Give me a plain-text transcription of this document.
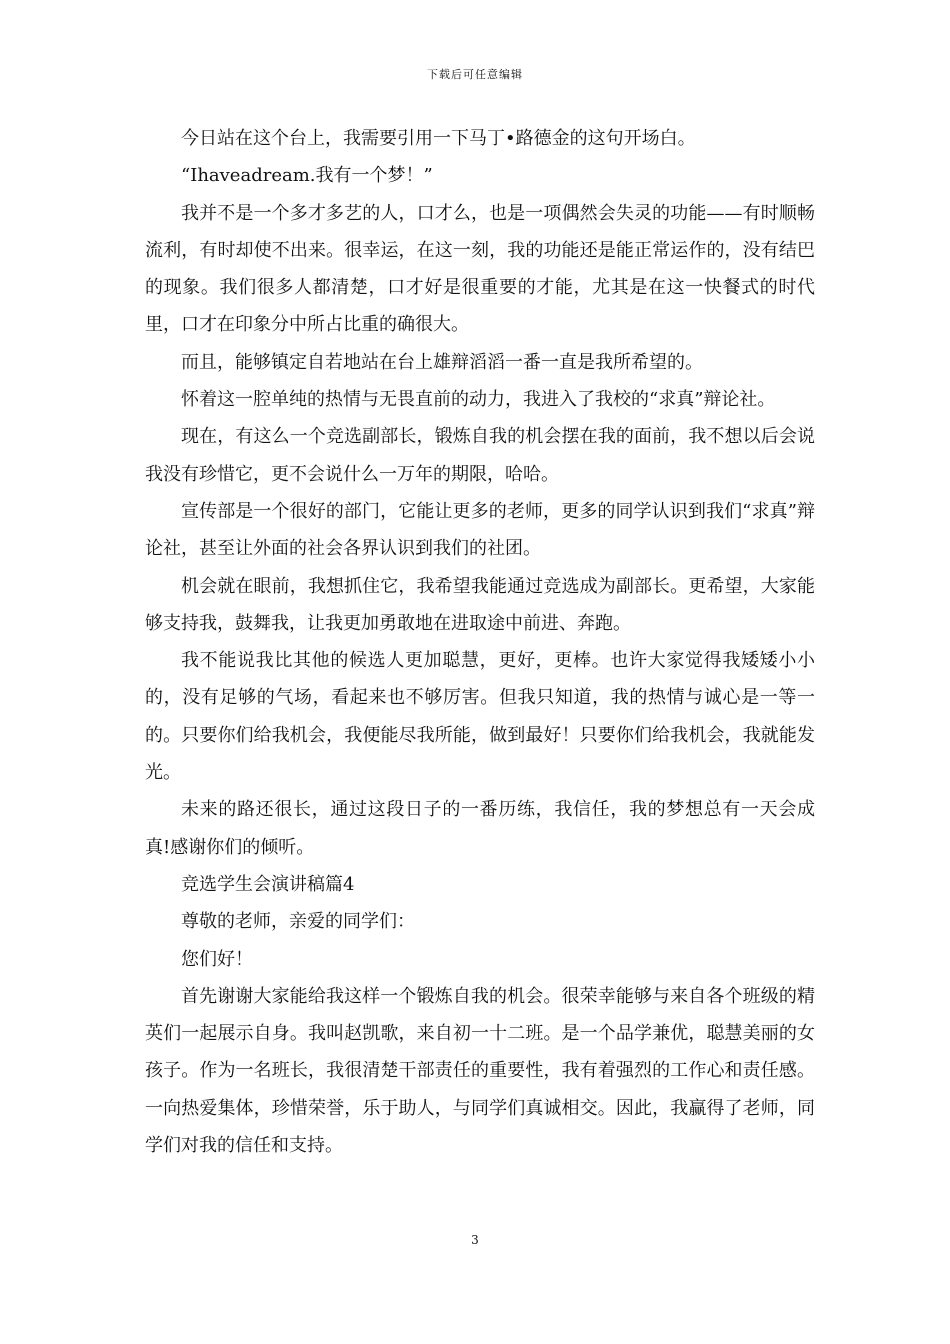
下载后可任意编辑

今日站在这个台上，我需要引用一下马丁•路德金的这句开场白。

“Ihaveadream.我有一个梦！”

我并不是一个多才多艺的人，口才么，也是一项偶然会失灵的功能——有时顺畅流利，有时却使不出来。很幸运，在这一刻，我的功能还是能正常运作的，没有结巴的现象。我们很多人都清楚，口才好是很重要的才能，尤其是在这一快餐式的时代里，口才在印象分中所占比重的确很大。

而且，能够镇定自若地站在台上雄辩滔滔一番一直是我所希望的。

怀着这一腔单纯的热情与无畏直前的动力，我进入了我校的“求真”辩论社。

现在，有这么一个竞选副部长，锻炼自我的机会摆在我的面前，我不想以后会说我没有珍惜它，更不会说什么一万年的期限，哈哈。

宣传部是一个很好的部门，它能让更多的老师，更多的同学认识到我们“求真”辩论社，甚至让外面的社会各界认识到我们的社团。

机会就在眼前，我想抓住它，我希望我能通过竞选成为副部长。更希望，大家能够支持我，鼓舞我，让我更加勇敢地在进取途中前进、奔跑。

我不能说我比其他的候选人更加聪慧，更好，更棒。也许大家觉得我矮矮小小的，没有足够的气场，看起来也不够厉害。但我只知道，我的热情与诚心是一等一的。只要你们给我机会，我便能尽我所能，做到最好！只要你们给我机会，我就能发光。

未来的路还很长，通过这段日子的一番历练，我信任，我的梦想总有一天会成真!感谢你们的倾听。

竞选学生会演讲稿篇4

尊敬的老师，亲爱的同学们：

您们好！

首先谢谢大家能给我这样一个锻炼自我的机会。很荣幸能够与来自各个班级的精英们一起展示自身。我叫赵凯歌，来自初一十二班。是一个品学兼优，聪慧美丽的女孩子。作为一名班长，我很清楚干部责任的重要性，我有着强烈的工作心和责任感。一向热爱集体，珍惜荣誉，乐于助人，与同学们真诚相交。因此，我赢得了老师，同学们对我的信任和支持。

3
